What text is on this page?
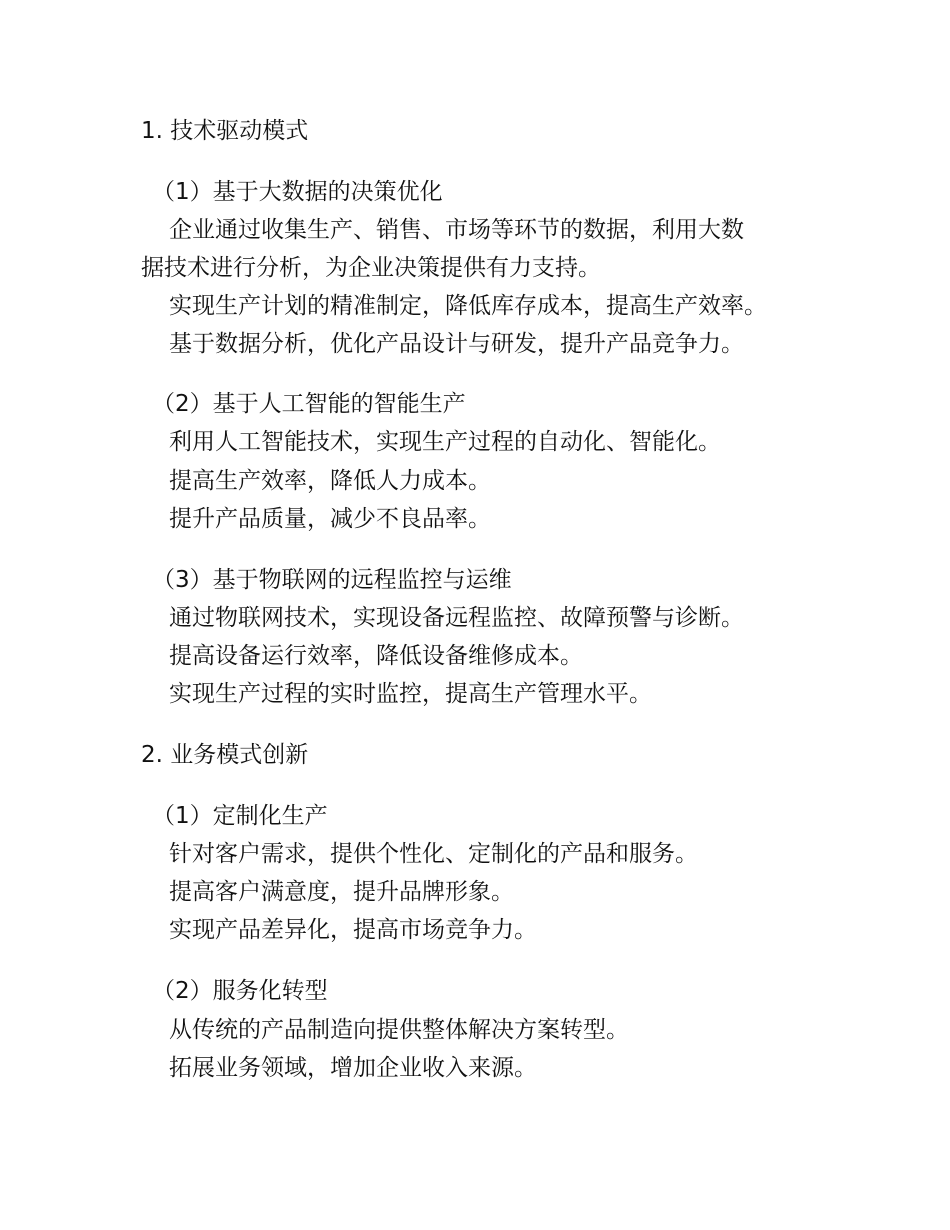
1. 技术驱动模式
（1）基于大数据的决策优化
企业通过收集生产、销售、市场等环节的数据，利用大数
据技术进行分析，为企业决策提供有力支持。
实现生产计划的精准制定，降低库存成本，提高生产效率。
基于数据分析，优化产品设计与研发，提升产品竞争力。
（2）基于人工智能的智能生产
利用人工智能技术，实现生产过程的自动化、智能化。
提高生产效率，降低人力成本。
提升产品质量，减少不良品率。
（3）基于物联网的远程监控与运维
通过物联网技术，实现设备远程监控、故障预警与诊断。
提高设备运行效率，降低设备维修成本。
实现生产过程的实时监控，提高生产管理水平。
2. 业务模式创新
（1）定制化生产
针对客户需求，提供个性化、定制化的产品和服务。
提高客户满意度，提升品牌形象。
实现产品差异化，提高市场竞争力。
（2）服务化转型
从传统的产品制造向提供整体解决方案转型。
拓展业务领域，增加企业收入来源。
